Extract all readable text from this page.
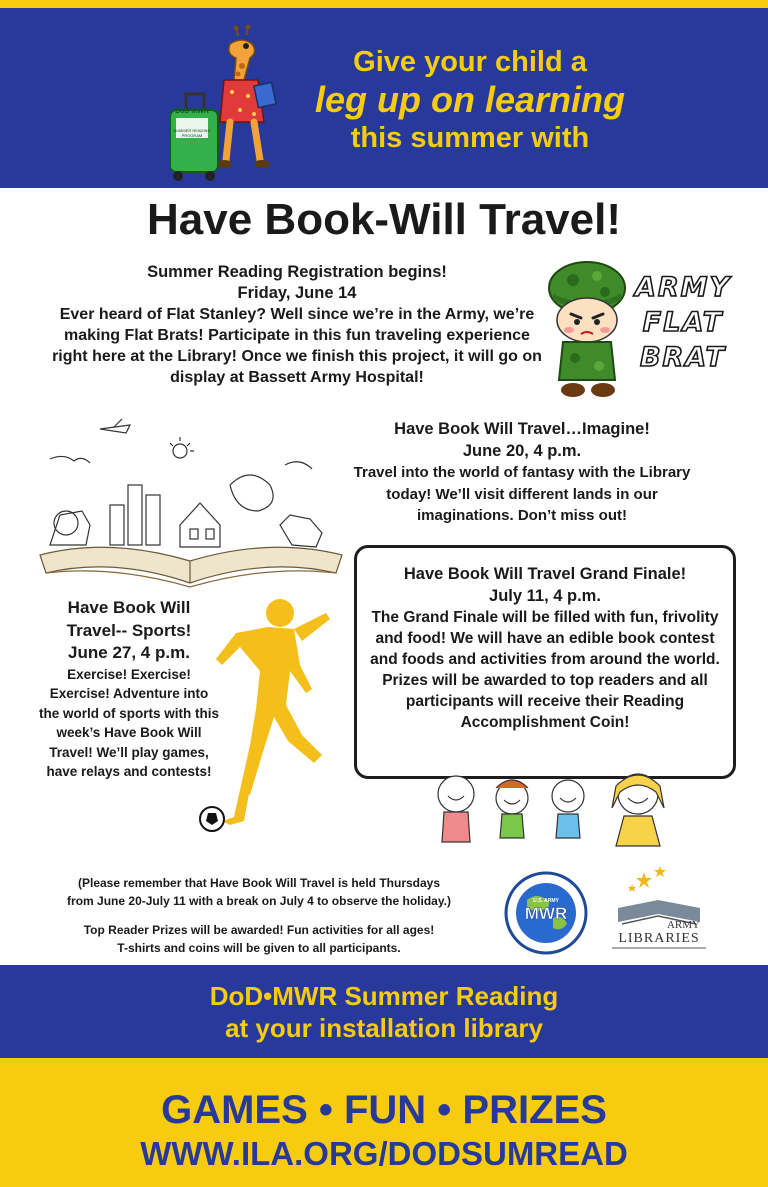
DoD MWR
SUMMER READING PROGRAM
Give your child a
leg up on learning
this summer with
Have Book-Will Travel!
Summer Reading Registration begins!
Friday, June 14
Ever heard of Flat Stanley? Well since we’re in the Army, we’re making Flat Brats! Participate in this fun traveling experience right here at the Library! Once we finish this project, it will go on display at Bassett Army Hospital!
ARMY
FLAT
BRAT
Have Book Will Travel…Imagine!
June 20, 4 p.m.
Travel into the world of fantasy with the Library today! We’ll visit different lands in our imaginations. Don’t miss out!
Have Book Will Travel Grand Finale!
July 11, 4 p.m.
The Grand Finale will be filled with fun, frivolity and food! We will have an edible book contest and foods and activities from around the world. Prizes will be awarded to top readers and all participants will receive their Reading Accomplishment Coin!
Have Book Will
Travel-- Sports!
June 27, 4 p.m.
Exercise! Exercise! Exercise! Adventure into the world of sports with this week’s Have Book Will Travel! We’ll play games, have relays and contests!
(Please remember that Have Book Will Travel is held Thursdays
from June 20-July 11 with a break on July 4 to observe the holiday.)
Top Reader Prizes will be awarded! Fun activities for all ages!
T-shirts and coins will be given to all participants.
U.S. ARMY
MWR
ARMY
LIBRARIES
DoD•MWR Summer Reading
at your installation library
GAMES • FUN • PRIZES
WWW.ILA.ORG/DODSUMREAD
